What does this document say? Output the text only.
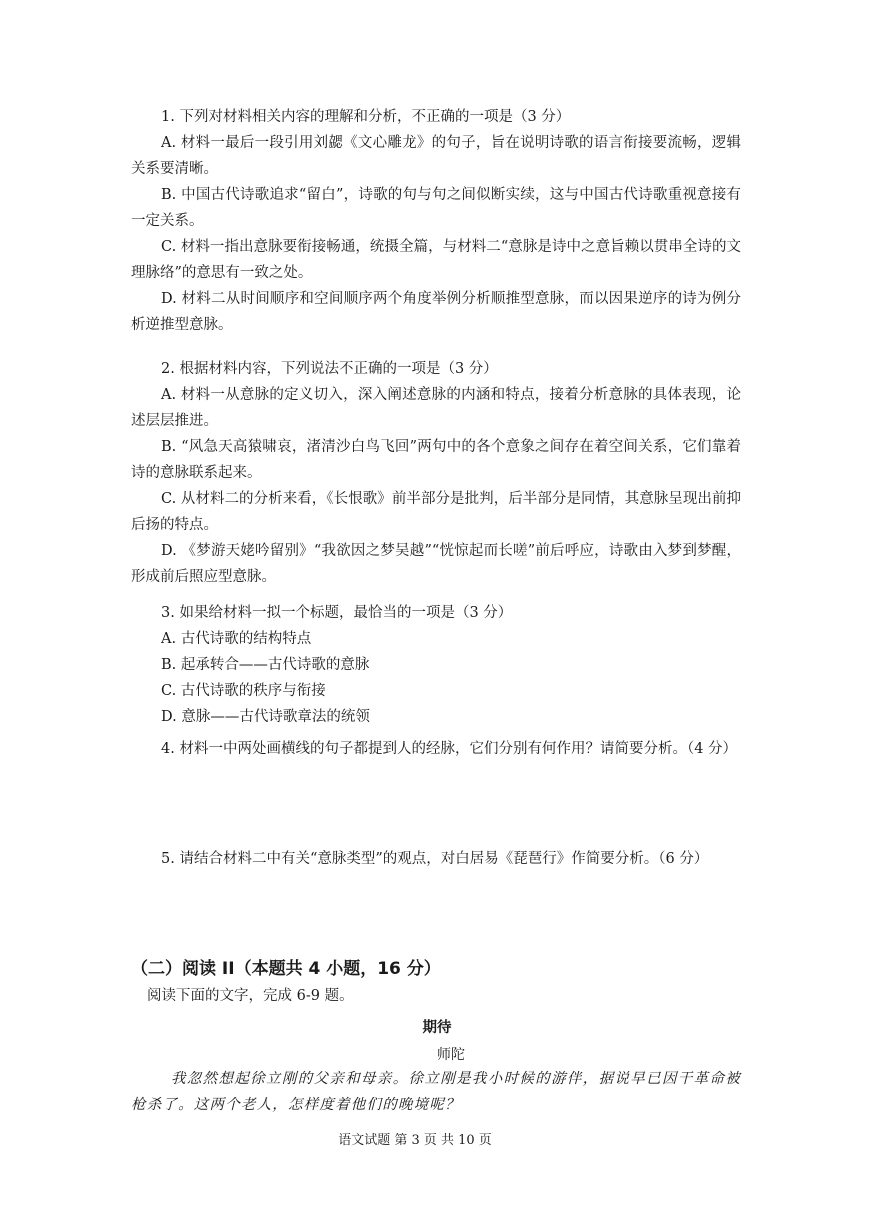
1. 下列对材料相关内容的理解和分析，不正确的一项是（3 分）

A. 材料一最后一段引用刘勰《文心雕龙》的句子，旨在说明诗歌的语言衔接要流畅，逻辑关系要清晰。

B. 中国古代诗歌追求“留白”，诗歌的句与句之间似断实续，这与中国古代诗歌重视意接有一定关系。

C. 材料一指出意脉要衔接畅通，统摄全篇，与材料二“意脉是诗中之意旨赖以贯串全诗的文理脉络”的意思有一致之处。

D. 材料二从时间顺序和空间顺序两个角度举例分析顺推型意脉，而以因果逆序的诗为例分析逆推型意脉。

2. 根据材料内容，下列说法不正确的一项是（3 分）

A. 材料一从意脉的定义切入，深入阐述意脉的内涵和特点，接着分析意脉的具体表现，论述层层推进。

B. “风急天高猿啸哀，渚清沙白鸟飞回”两句中的各个意象之间存在着空间关系，它们靠着诗的意脉联系起来。

C. 从材料二的分析来看，《长恨歌》前半部分是批判，后半部分是同情，其意脉呈现出前抑后扬的特点。

D. 《梦游天姥吟留别》“我欲因之梦吴越”“恍惊起而长嗟”前后呼应，诗歌由入梦到梦醒，形成前后照应型意脉。

3. 如果给材料一拟一个标题，最恰当的一项是（3 分）

A. 古代诗歌的结构特点

B. 起承转合——古代诗歌的意脉

C. 古代诗歌的秩序与衔接

D. 意脉——古代诗歌章法的统领

4. 材料一中两处画横线的句子都提到人的经脉，它们分别有何作用？请简要分析。（4 分）

5. 请结合材料二中有关“意脉类型”的观点，对白居易《琵琶行》作简要分析。（6 分）

（二）阅读 II（本题共 4 小题，16 分）

阅读下面的文字，完成 6-9 题。

期待

师陀

我忽然想起徐立刚的父亲和母亲。徐立刚是我小时候的游伴，据说早已因干革命被枪杀了。这两个老人，怎样度着他们的晚境呢？

语文试题 第 3 页 共 10 页
